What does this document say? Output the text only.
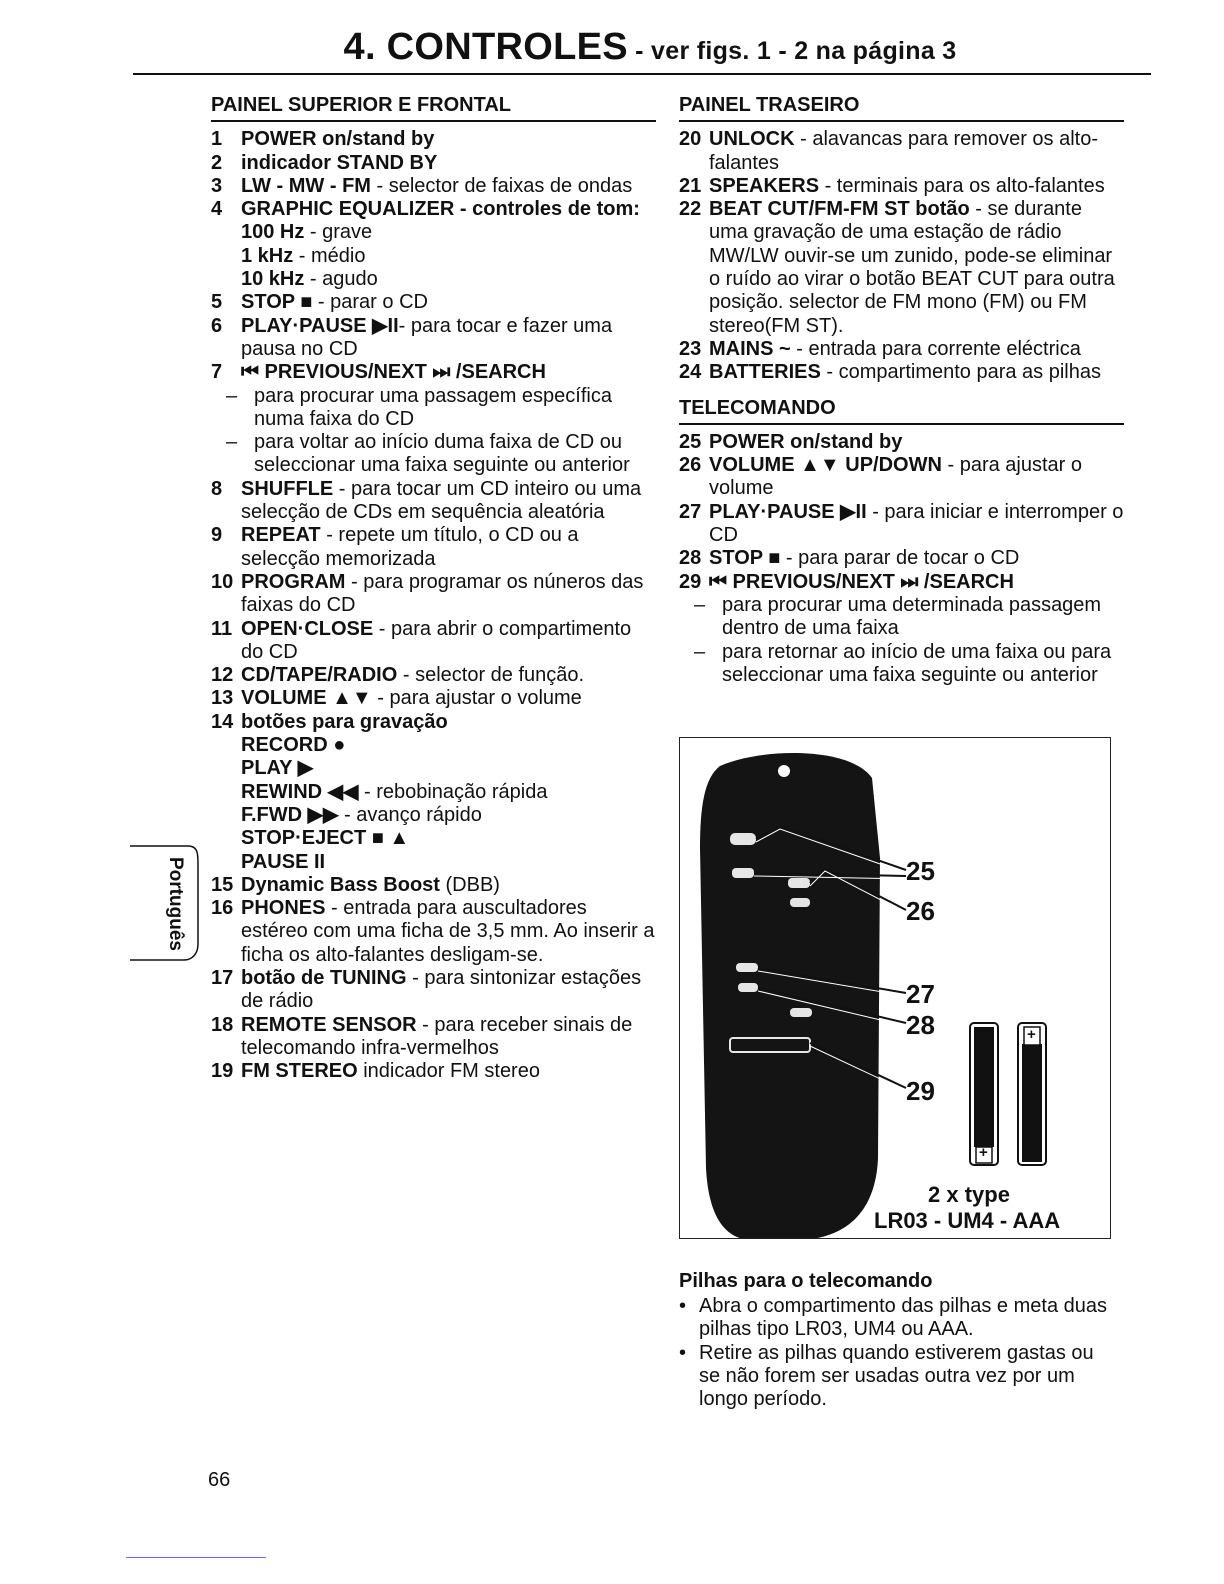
4. CONTROLES - ver figs. 1 - 2 na página 3
PAINEL SUPERIOR E FRONTAL
1 POWER on/stand by
2 indicador STAND BY
3 LW - MW - FM - selector de faixas de ondas
4 GRAPHIC EQUALIZER - controles de tom:
100 Hz - grave
1 kHz - médio
10 kHz - agudo
5 STOP ■ - parar o CD
6 PLAY·PAUSE ▶II- para tocar e fazer uma pausa no CD
7 ⏮ PREVIOUS/NEXT ⏭ /SEARCH
– para procurar uma passagem específica numa faixa do CD
– para voltar ao início duma faixa de CD ou seleccionar uma faixa seguinte ou anterior
8 SHUFFLE - para tocar um CD inteiro ou uma selecção de CDs em sequência aleatória
9 REPEAT - repete um título, o CD ou a selecção memorizada
10 PROGRAM - para programar os núneros das faixas do CD
11 OPEN·CLOSE - para abrir o compartimento do CD
12 CD/TAPE/RADIO - selector de função.
13 VOLUME ▲▼ - para ajustar o volume
14 botões para gravação
RECORD ●
PLAY ▶
REWIND ◀◀ - rebobinação rápida
F.FWD ▶▶ - avanço rápido
STOP·EJECT ■ ▲
PAUSE II
15 Dynamic Bass Boost (DBB)
16 PHONES - entrada para auscultadores estéreo com uma ficha de 3,5 mm. Ao inserir a ficha os alto-falantes desligam-se.
17 botão de TUNING - para sintonizar estações de rádio
18 REMOTE SENSOR - para receber sinais de telecomando infra-vermelhos
19 FM STEREO indicador FM stereo
PAINEL TRASEIRO
20 UNLOCK - alavancas para remover os alto-falantes
21 SPEAKERS - terminais para os alto-falantes
22 BEAT CUT/FM-FM ST botão - se durante uma gravação de uma estação de rádio MW/LW ouvir-se um zunido, pode-se eliminar o ruído ao virar o botão BEAT CUT para outra posição. selector de FM mono (FM) ou FM stereo(FM ST).
23 MAINS ~ - entrada para corrente eléctrica
24 BATTERIES - compartimento para as pilhas
TELECOMANDO
25 POWER on/stand by
26 VOLUME ▲▼ UP/DOWN - para ajustar o volume
27 PLAY·PAUSE ▶II - para iniciar e interromper o CD
28 STOP ■ - para parar de tocar o CD
29 ⏮ PREVIOUS/NEXT ⏭ /SEARCH
– para procurar uma determinada passagem dentro de uma faixa
– para retornar ao início de uma faixa ou para seleccionar uma faixa seguinte ou anterior
25
26
27
28
29
+
+
2 x type
LR03 - UM4 - AAA
Pilhas para o telecomando
• Abra o compartimento das pilhas e meta duas pilhas tipo LR03, UM4 ou AAA.
• Retire as pilhas quando estiverem gastas ou se não forem ser usadas outra vez por um longo período.
Português
66
